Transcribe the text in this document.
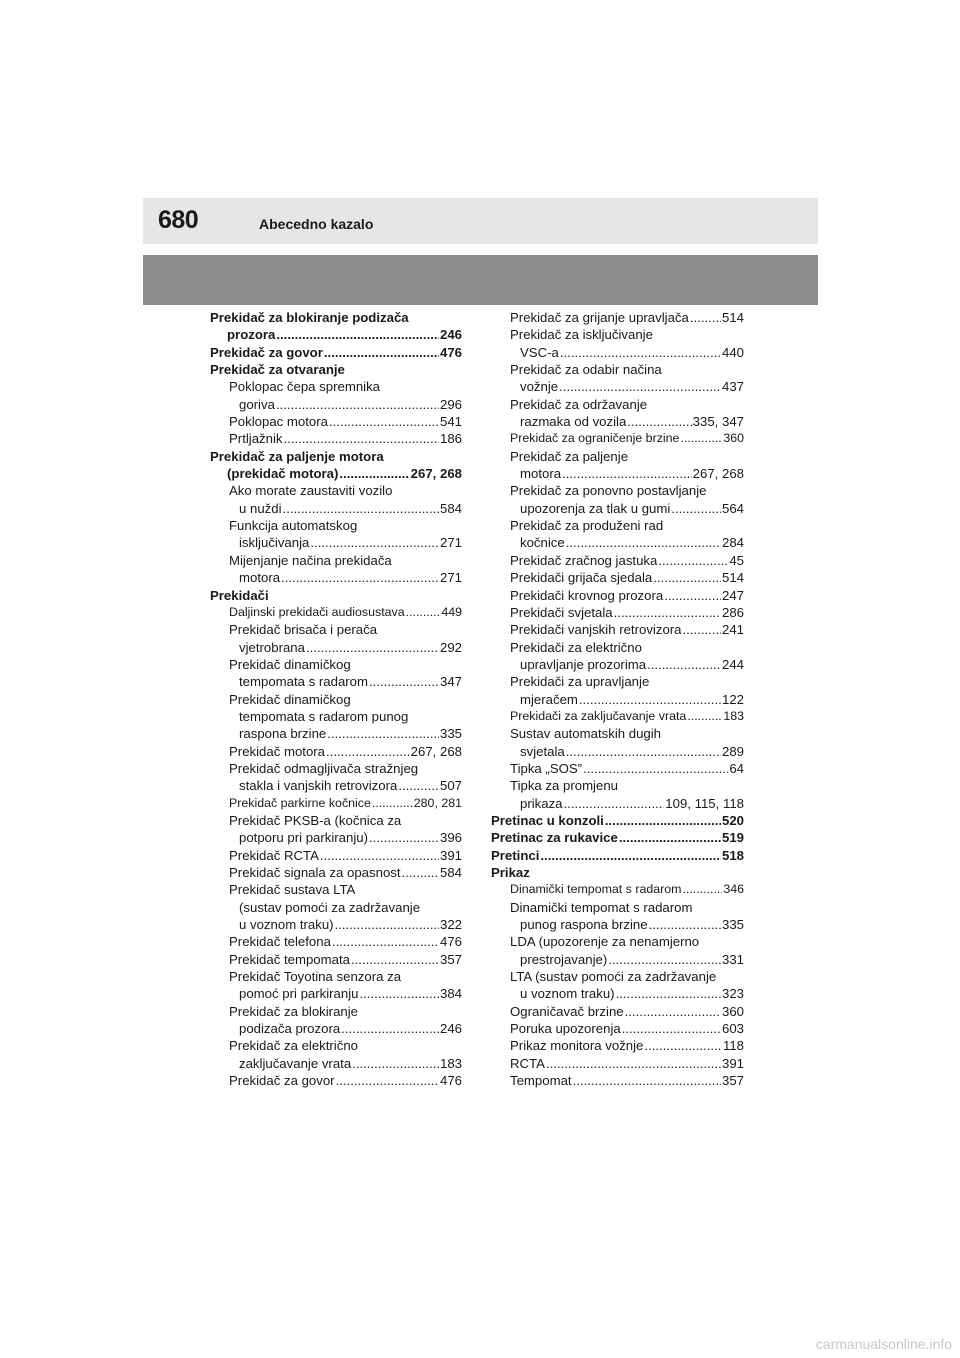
680	Abecedno kazalo
Prekidač za blokiranje podizača
prozora .....	246
Prekidač za govor .....	476
Prekidač za otvaranje
Poklopac čepa spremnika
goriva .....	296
Poklopac motora .....	541
Prtljažnik .....	186
Prekidač za paljenje motora
(prekidač motora) .....	267, 268
Ako morate zaustaviti vozilo
u nuždi .....	584
Funkcija automatskog
isključivanja .....	271
Mijenjanje načina prekidača
motora .....	271
Prekidači
Daljinski prekidači audiosustava .....	449
Prekidač brisača i perača
vjetrobrana .....	292
Prekidač dinamičkog
tempomata s radarom .....	347
Prekidač dinamičkog
tempomata s radarom punog
raspona brzine .....	335
Prekidač motora .....	267, 268
Prekidač odmagljivača stražnjeg
stakla i vanjskih retrovizora .....	507
Prekidač parkirne kočnice .....	280, 281
Prekidač PKSB-a (kočnica za
potporu pri parkiranju) .....	396
Prekidač RCTA .....	391
Prekidač signala za opasnost .....	584
Prekidač sustava LTA
(sustav pomoći za zadržavanje
u voznom traku) .....	322
Prekidač telefona .....	476
Prekidač tempomata .....	357
Prekidač Toyotina senzora za
pomoć pri parkiranju .....	384
Prekidač za blokiranje
podizača prozora .....	246
Prekidač za električno
zaključavanje vrata .....	183
Prekidač za govor .....	476
Prekidač za grijanje upravljača .....	514
Prekidač za isključivanje
VSC-a .....	440
Prekidač za odabir načina
vožnje .....	437
Prekidač za održavanje
razmaka od vozila .....	335, 347
Prekidač za ograničenje brzine .....	360
Prekidač za paljenje
motora .....	267, 268
Prekidač za ponovno postavljanje
upozorenja za tlak u gumi .....	564
Prekidač za produženi rad
kočnice .....	284
Prekidač zračnog jastuka .....	45
Prekidači grijača sjedala .....	514
Prekidači krovnog prozora .....	247
Prekidači svjetala .....	286
Prekidači vanjskih retrovizora .....	241
Prekidači za električno
upravljanje prozorima .....	244
Prekidači za upravljanje
mjeračem .....	122
Prekidači za zaključavanje vrata .....	183
Sustav automatskih dugih
svjetala .....	289
Tipka „SOS” .....	64
Tipka za promjenu
prikaza .....	109, 115, 118
Pretinac u konzoli .....	520
Pretinac za rukavice .....	519
Pretinci .....	518
Prikaz
Dinamički tempomat s radarom .....	346
Dinamički tempomat s radarom
punog raspona brzine .....	335
LDA (upozorenje za nenamjerno
prestrojavanje) .....	331
LTA (sustav pomoći za zadržavanje
u voznom traku) .....	323
Ograničavač brzine .....	360
Poruka upozorenja .....	603
Prikaz monitora vožnje .....	118
RCTA .....	391
Tempomat .....	357
carmanualsonline.info
